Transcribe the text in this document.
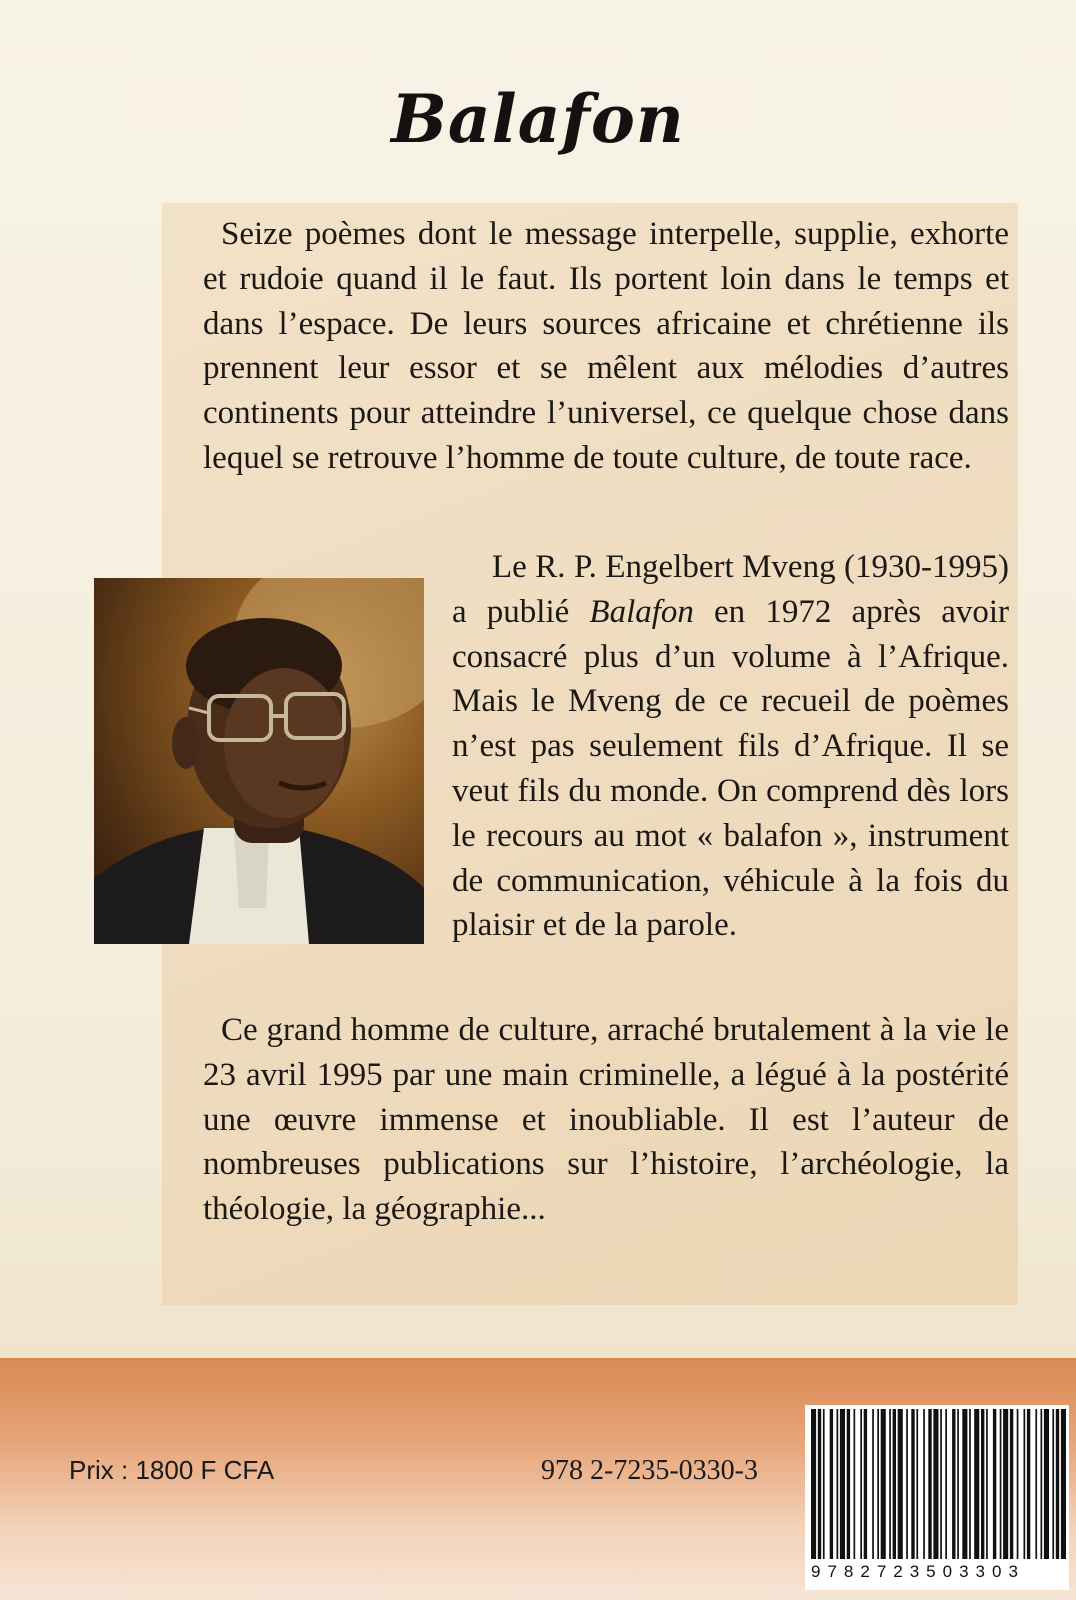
Balafon

Seize poèmes dont le message interpelle, supplie, exhorte et rudoie quand il le faut. Ils portent loin dans le temps et dans l’espace. De leurs sources africaine et chrétienne ils prennent leur essor et se mêlent aux mélodies d’autres continents pour atteindre l’universel, ce quelque chose dans lequel se retrouve l’homme de toute culture, de toute race.

Le R. P. Engelbert Mveng (1930-1995) a publié Balafon en 1972 après avoir consacré plus d’un volume à l’Afrique. Mais le Mveng de ce recueil de poèmes n’est pas seulement fils d’Afrique. Il se veut fils du monde. On comprend dès lors le recours au mot « balafon », instrument de communication, véhicule à la fois du plaisir et de la parole.

Ce grand homme de culture, arraché brutalement à la vie le 23 avril 1995 par une main criminelle, a légué à la postérité une œuvre immense et inoubliable. Il est l’auteur de nombreuses publications sur l’histoire, l’archéologie, la théologie, la géographie...

Prix : 1800 F CFA	978 2-7235-0330-3
9782723503303
